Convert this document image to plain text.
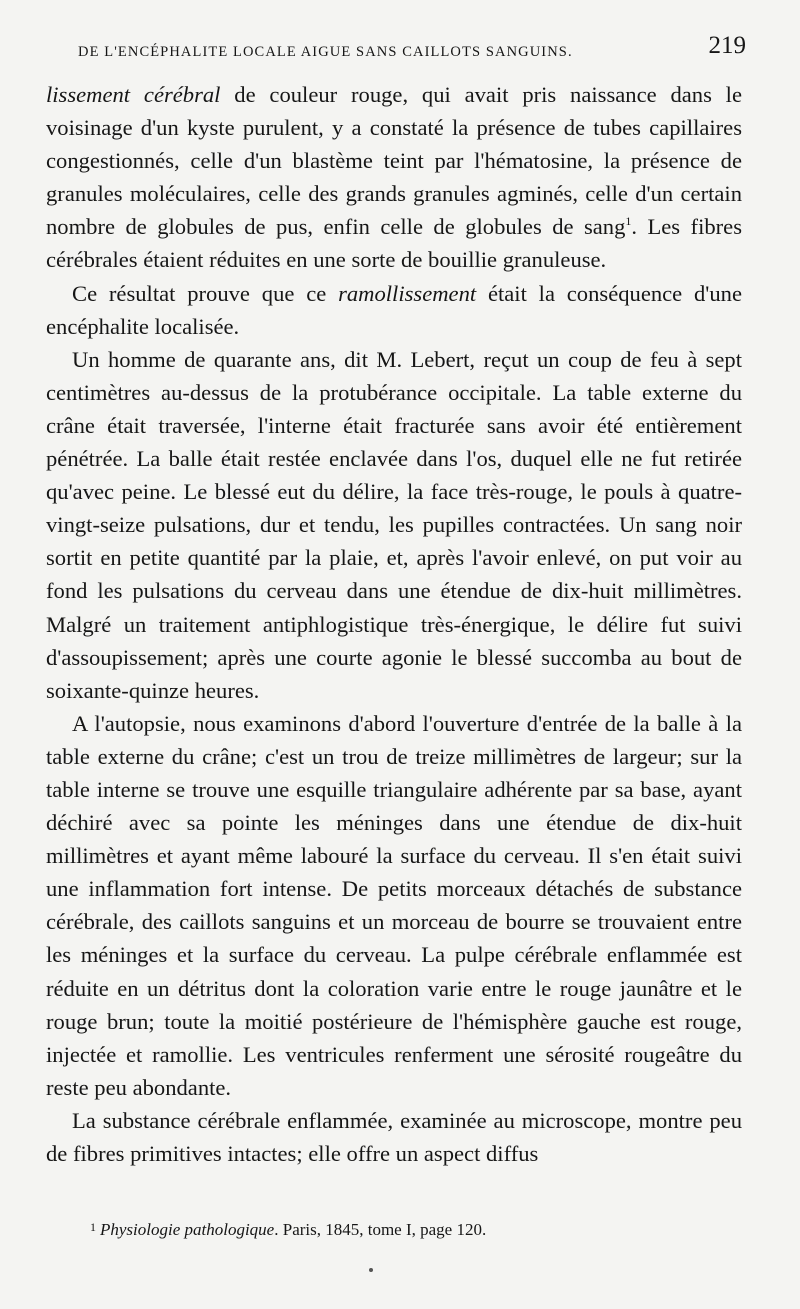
DE L'ENCÉPHALITE LOCALE AIGUE SANS CAILLOTS SANGUINS.	219

lissement cérébral de couleur rouge, qui avait pris naissance dans le voisinage d'un kyste purulent, y a constaté la présence de tubes capillaires congestionnés, celle d'un blastème teint par l'hématosine, la présence de granules moléculaires, celle des grands granules agminés, celle d'un certain nombre de globules de pus, enfin celle de globules de sang$^1$. Les fibres cérébrales étaient réduites en une sorte de bouillie granuleuse.

Ce résultat prouve que ce ramollissement était la conséquence d'une encéphalite localisée.

Un homme de quarante ans, dit M. Lebert, reçut un coup de feu à sept centimètres au-dessus de la protubérance occipitale. La table externe du crâne était traversée, l'interne était fracturée sans avoir été entièrement pénétrée. La balle était restée enclavée dans l'os, duquel elle ne fut retirée qu'avec peine. Le blessé eut du délire, la face très-rouge, le pouls à quatre-vingt-seize pulsations, dur et tendu, les pupilles contractées. Un sang noir sortit en petite quantité par la plaie, et, après l'avoir enlevé, on put voir au fond les pulsations du cerveau dans une étendue de dix-huit millimètres. Malgré un traitement antiphlogistique très-énergique, le délire fut suivi d'assoupissement; après une courte agonie le blessé succomba au bout de soixante-quinze heures.

A l'autopsie, nous examinons d'abord l'ouverture d'entrée de la balle à la table externe du crâne; c'est un trou de treize millimètres de largeur; sur la table interne se trouve une esquille triangulaire adhérente par sa base, ayant déchiré avec sa pointe les méninges dans une étendue de dix-huit millimètres et ayant même labouré la surface du cerveau. Il s'en était suivi une inflammation fort intense. De petits morceaux détachés de substance cérébrale, des caillots sanguins et un morceau de bourre se trouvaient entre les méninges et la surface du cerveau. La pulpe cérébrale enflammée est réduite en un détritus dont la coloration varie entre le rouge jaunâtre et le rouge brun; toute la moitié postérieure de l'hémisphère gauche est rouge, injectée et ramollie. Les ventricules renferment une sérosité rougeâtre du reste peu abondante.

La substance cérébrale enflammée, examinée au microscope, montre peu de fibres primitives intactes; elle offre un aspect diffus

$^1$ Physiologie pathologique. Paris, 1845, tome I, page 120.
